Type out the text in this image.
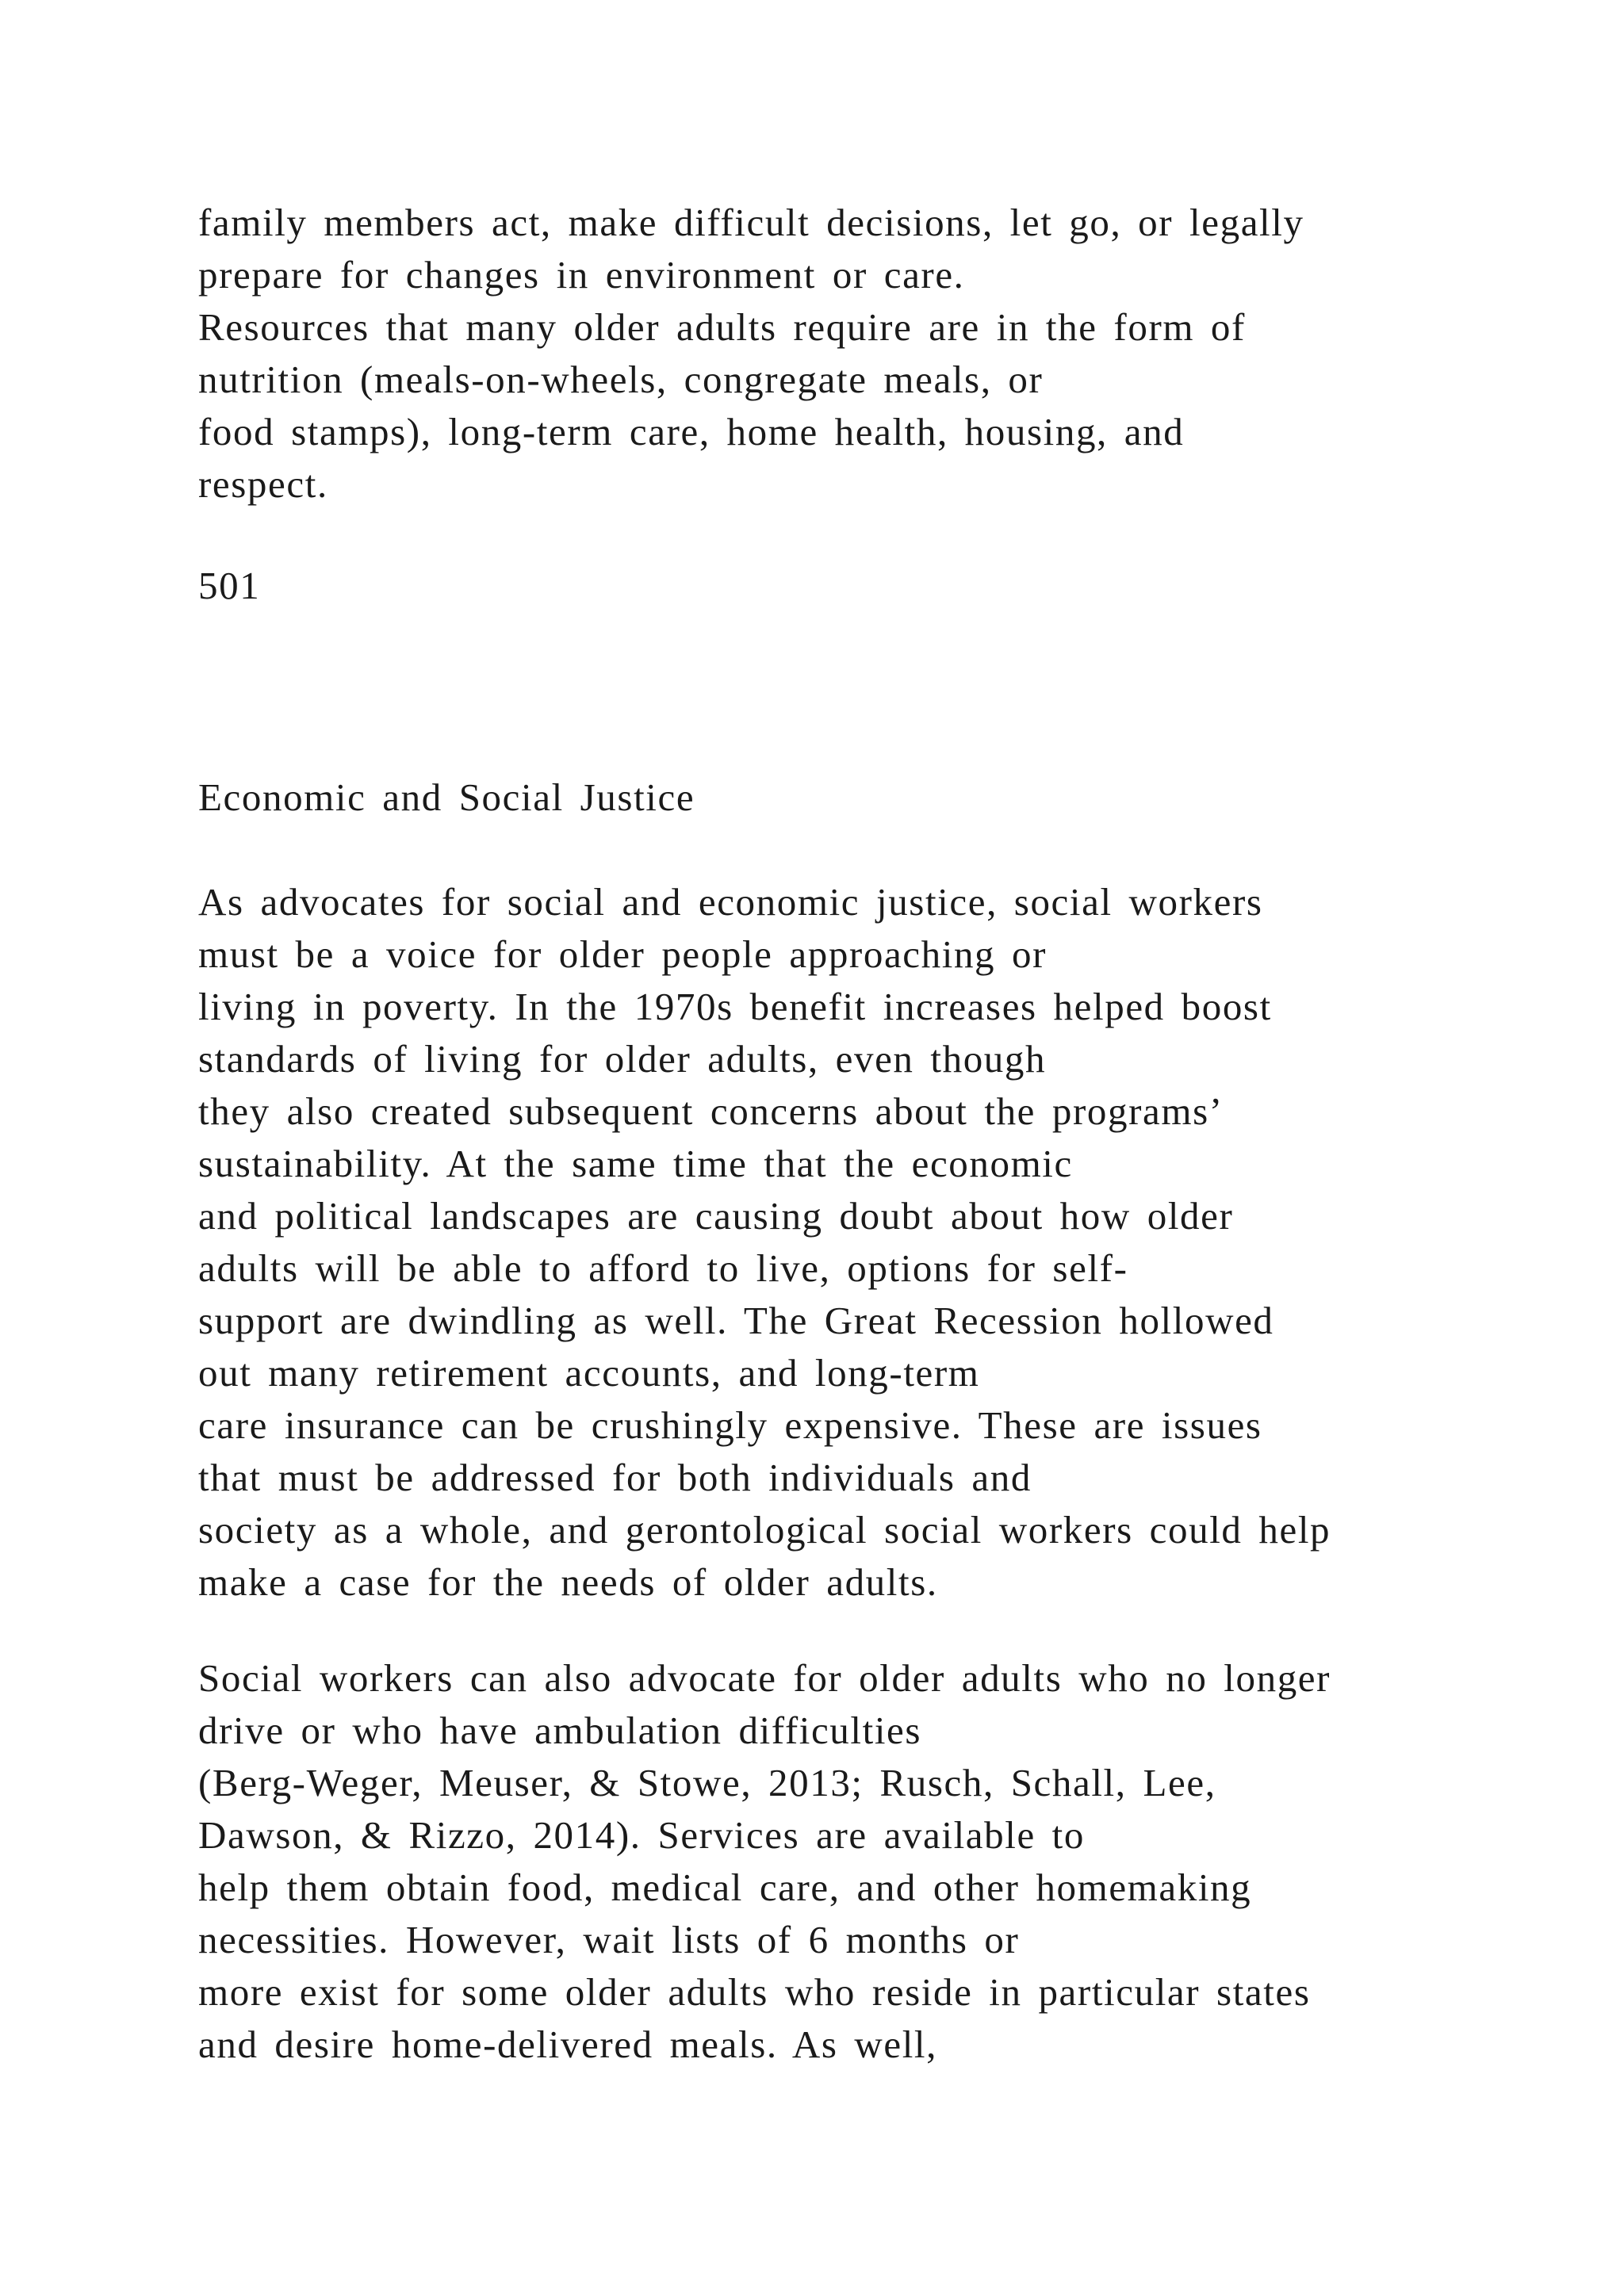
family members act, make difficult decisions, let go, or legally
prepare for changes in environment or care.
Resources that many older adults require are in the form of
nutrition (meals-on-wheels, congregate meals, or
food stamps), long-term care, home health, housing, and
respect.
501
Economic and Social Justice
As advocates for social and economic justice, social workers
must be a voice for older people approaching or
living in poverty. In the 1970s benefit increases helped boost
standards of living for older adults, even though
they also created subsequent concerns about the programs’
sustainability. At the same time that the economic
and political landscapes are causing doubt about how older
adults will be able to afford to live, options for self-
support are dwindling as well. The Great Recession hollowed
out many retirement accounts, and long-term
care insurance can be crushingly expensive. These are issues
that must be addressed for both individuals and
society as a whole, and gerontological social workers could help
make a case for the needs of older adults.
Social workers can also advocate for older adults who no longer
drive or who have ambulation difficulties
(Berg-Weger, Meuser, & Stowe, 2013; Rusch, Schall, Lee,
Dawson, & Rizzo, 2014). Services are available to
help them obtain food, medical care, and other homemaking
necessities. However, wait lists of 6 months or
more exist for some older adults who reside in particular states
and desire home-delivered meals. As well,
